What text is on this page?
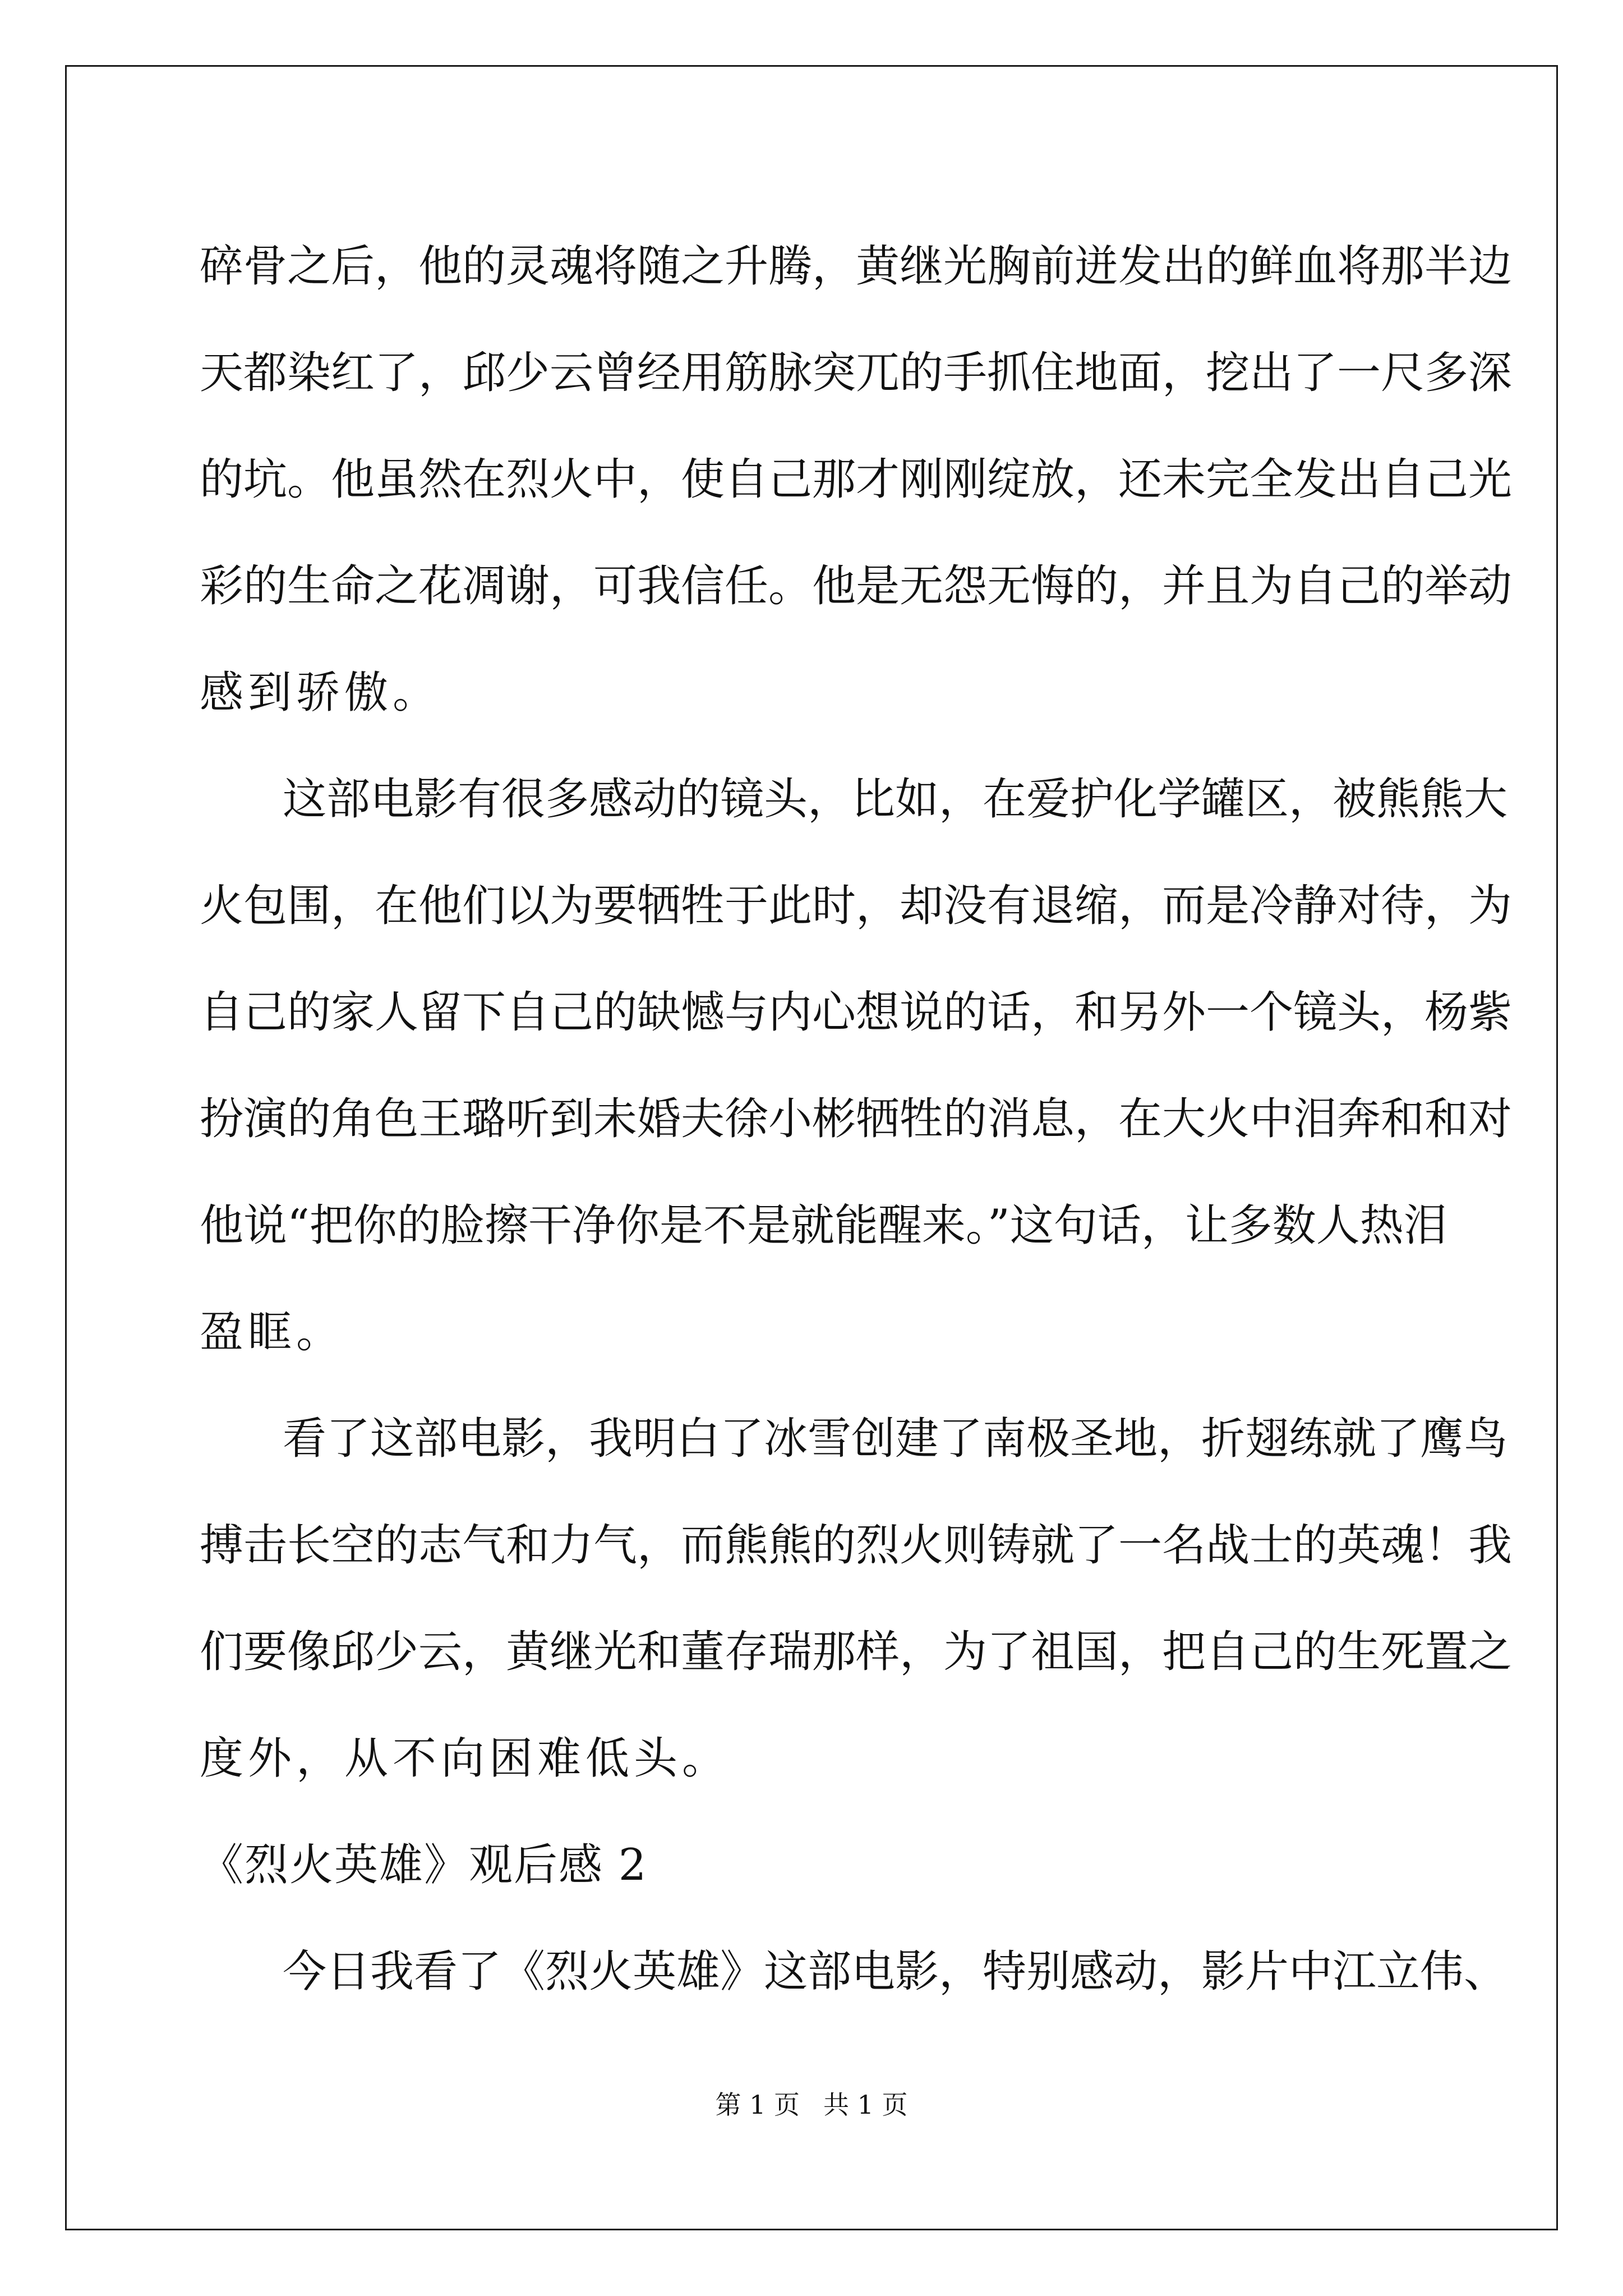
碎骨之后，他的灵魂将随之升腾，黄继光胸前迸发出的鲜血将那半边
天都染红了，邱少云曾经用筋脉突兀的手抓住地面，挖出了一尺多深
的坑。他虽然在烈火中，使自己那才刚刚绽放，还未完全发出自己光
彩的生命之花凋谢，可我信任。他是无怨无悔的，并且为自己的举动
感到骄傲。
这部电影有很多感动的镜头，比如，在爱护化学罐区，被熊熊大
火包围，在他们以为要牺牲于此时，却没有退缩，而是冷静对待，为
自己的家人留下自己的缺憾与内心想说的话，和另外一个镜头，杨紫
扮演的角色王璐听到未婚夫徐小彬牺牲的消息，在大火中泪奔和和对
他说“把你的脸擦干净你是不是就能醒来。”这句话，让多数人热泪
盈眶。
看了这部电影，我明白了冰雪创建了南极圣地，折翅练就了鹰鸟
搏击长空的志气和力气，而熊熊的烈火则铸就了一名战士的英魂！我
们要像邱少云，黄继光和董存瑞那样，为了祖国，把自己的生死置之
度外，从不向困难低头。
《烈火英雄》观后感 2
今日我看了《烈火英雄》这部电影，特别感动，影片中江立伟、
第 1 页 共 1 页
